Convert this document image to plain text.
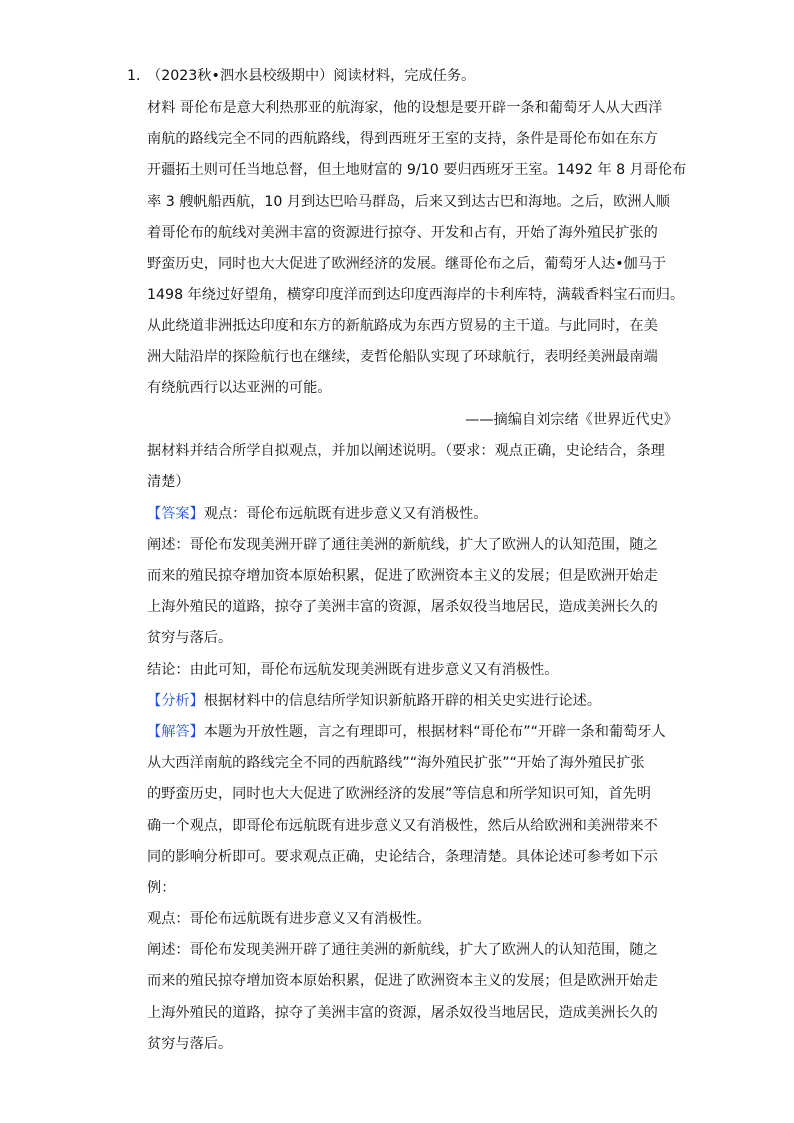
1．
（2023秋•泗水县校级期中）阅读材料，完成任务。
材料 哥伦布是意大利热那亚的航海家，他的设想是要开辟一条和葡萄牙人从大西洋
南航的路线完全不同的西航路线，得到西班牙王室的支持，条件是哥伦布如在东方
开疆拓土则可任当地总督，但土地财富的 9/10 要归西班牙王室。1492 年 8 月哥伦布
率 3 艘帆船西航，10 月到达巴哈马群岛，后来又到达古巴和海地。之后，欧洲人顺
着哥伦布的航线对美洲丰富的资源进行掠夺、开发和占有，开始了海外殖民扩张的
野蛮历史，同时也大大促进了欧洲经济的发展。继哥伦布之后，葡萄牙人达•伽马于
1498 年绕过好望角，横穿印度洋而到达印度西海岸的卡利库特，满载香料宝石而归。
从此绕道非洲抵达印度和东方的新航路成为东西方贸易的主干道。与此同时，在美
洲大陆沿岸的探险航行也在继续，麦哲伦船队实现了环球航行，表明经美洲最南端
有绕航西行以达亚洲的可能。
——摘编自刘宗绪《世界近代史》
据材料并结合所学自拟观点，并加以阐述说明。（要求：观点正确，史论结合，条理
清楚）
【答案】观点：哥伦布远航既有进步意义又有消极性。
阐述：哥伦布发现美洲开辟了通往美洲的新航线，扩大了欧洲人的认知范围，随之
而来的殖民掠夺增加资本原始积累，促进了欧洲资本主义的发展；但是欧洲开始走
上海外殖民的道路，掠夺了美洲丰富的资源，屠杀奴役当地居民，造成美洲长久的
贫穷与落后。
结论：由此可知，哥伦布远航发现美洲既有进步意义又有消极性。
【分析】根据材料中的信息结所学知识新航路开辟的相关史实进行论述。
【解答】本题为开放性题，言之有理即可，根据材料“哥伦布”“开辟一条和葡萄牙人
从大西洋南航的路线完全不同的西航路线”“海外殖民扩张”“开始了海外殖民扩张
的野蛮历史，同时也大大促进了欧洲经济的发展”等信息和所学知识可知，首先明
确一个观点，即哥伦布远航既有进步意义又有消极性，然后从给欧洲和美洲带来不
同的影响分析即可。要求观点正确，史论结合，条理清楚。具体论述可参考如下示
例：
观点：哥伦布远航既有进步意义又有消极性。
阐述：哥伦布发现美洲开辟了通往美洲的新航线，扩大了欧洲人的认知范围，随之
而来的殖民掠夺增加资本原始积累，促进了欧洲资本主义的发展；但是欧洲开始走
上海外殖民的道路，掠夺了美洲丰富的资源，屠杀奴役当地居民，造成美洲长久的
贫穷与落后。
